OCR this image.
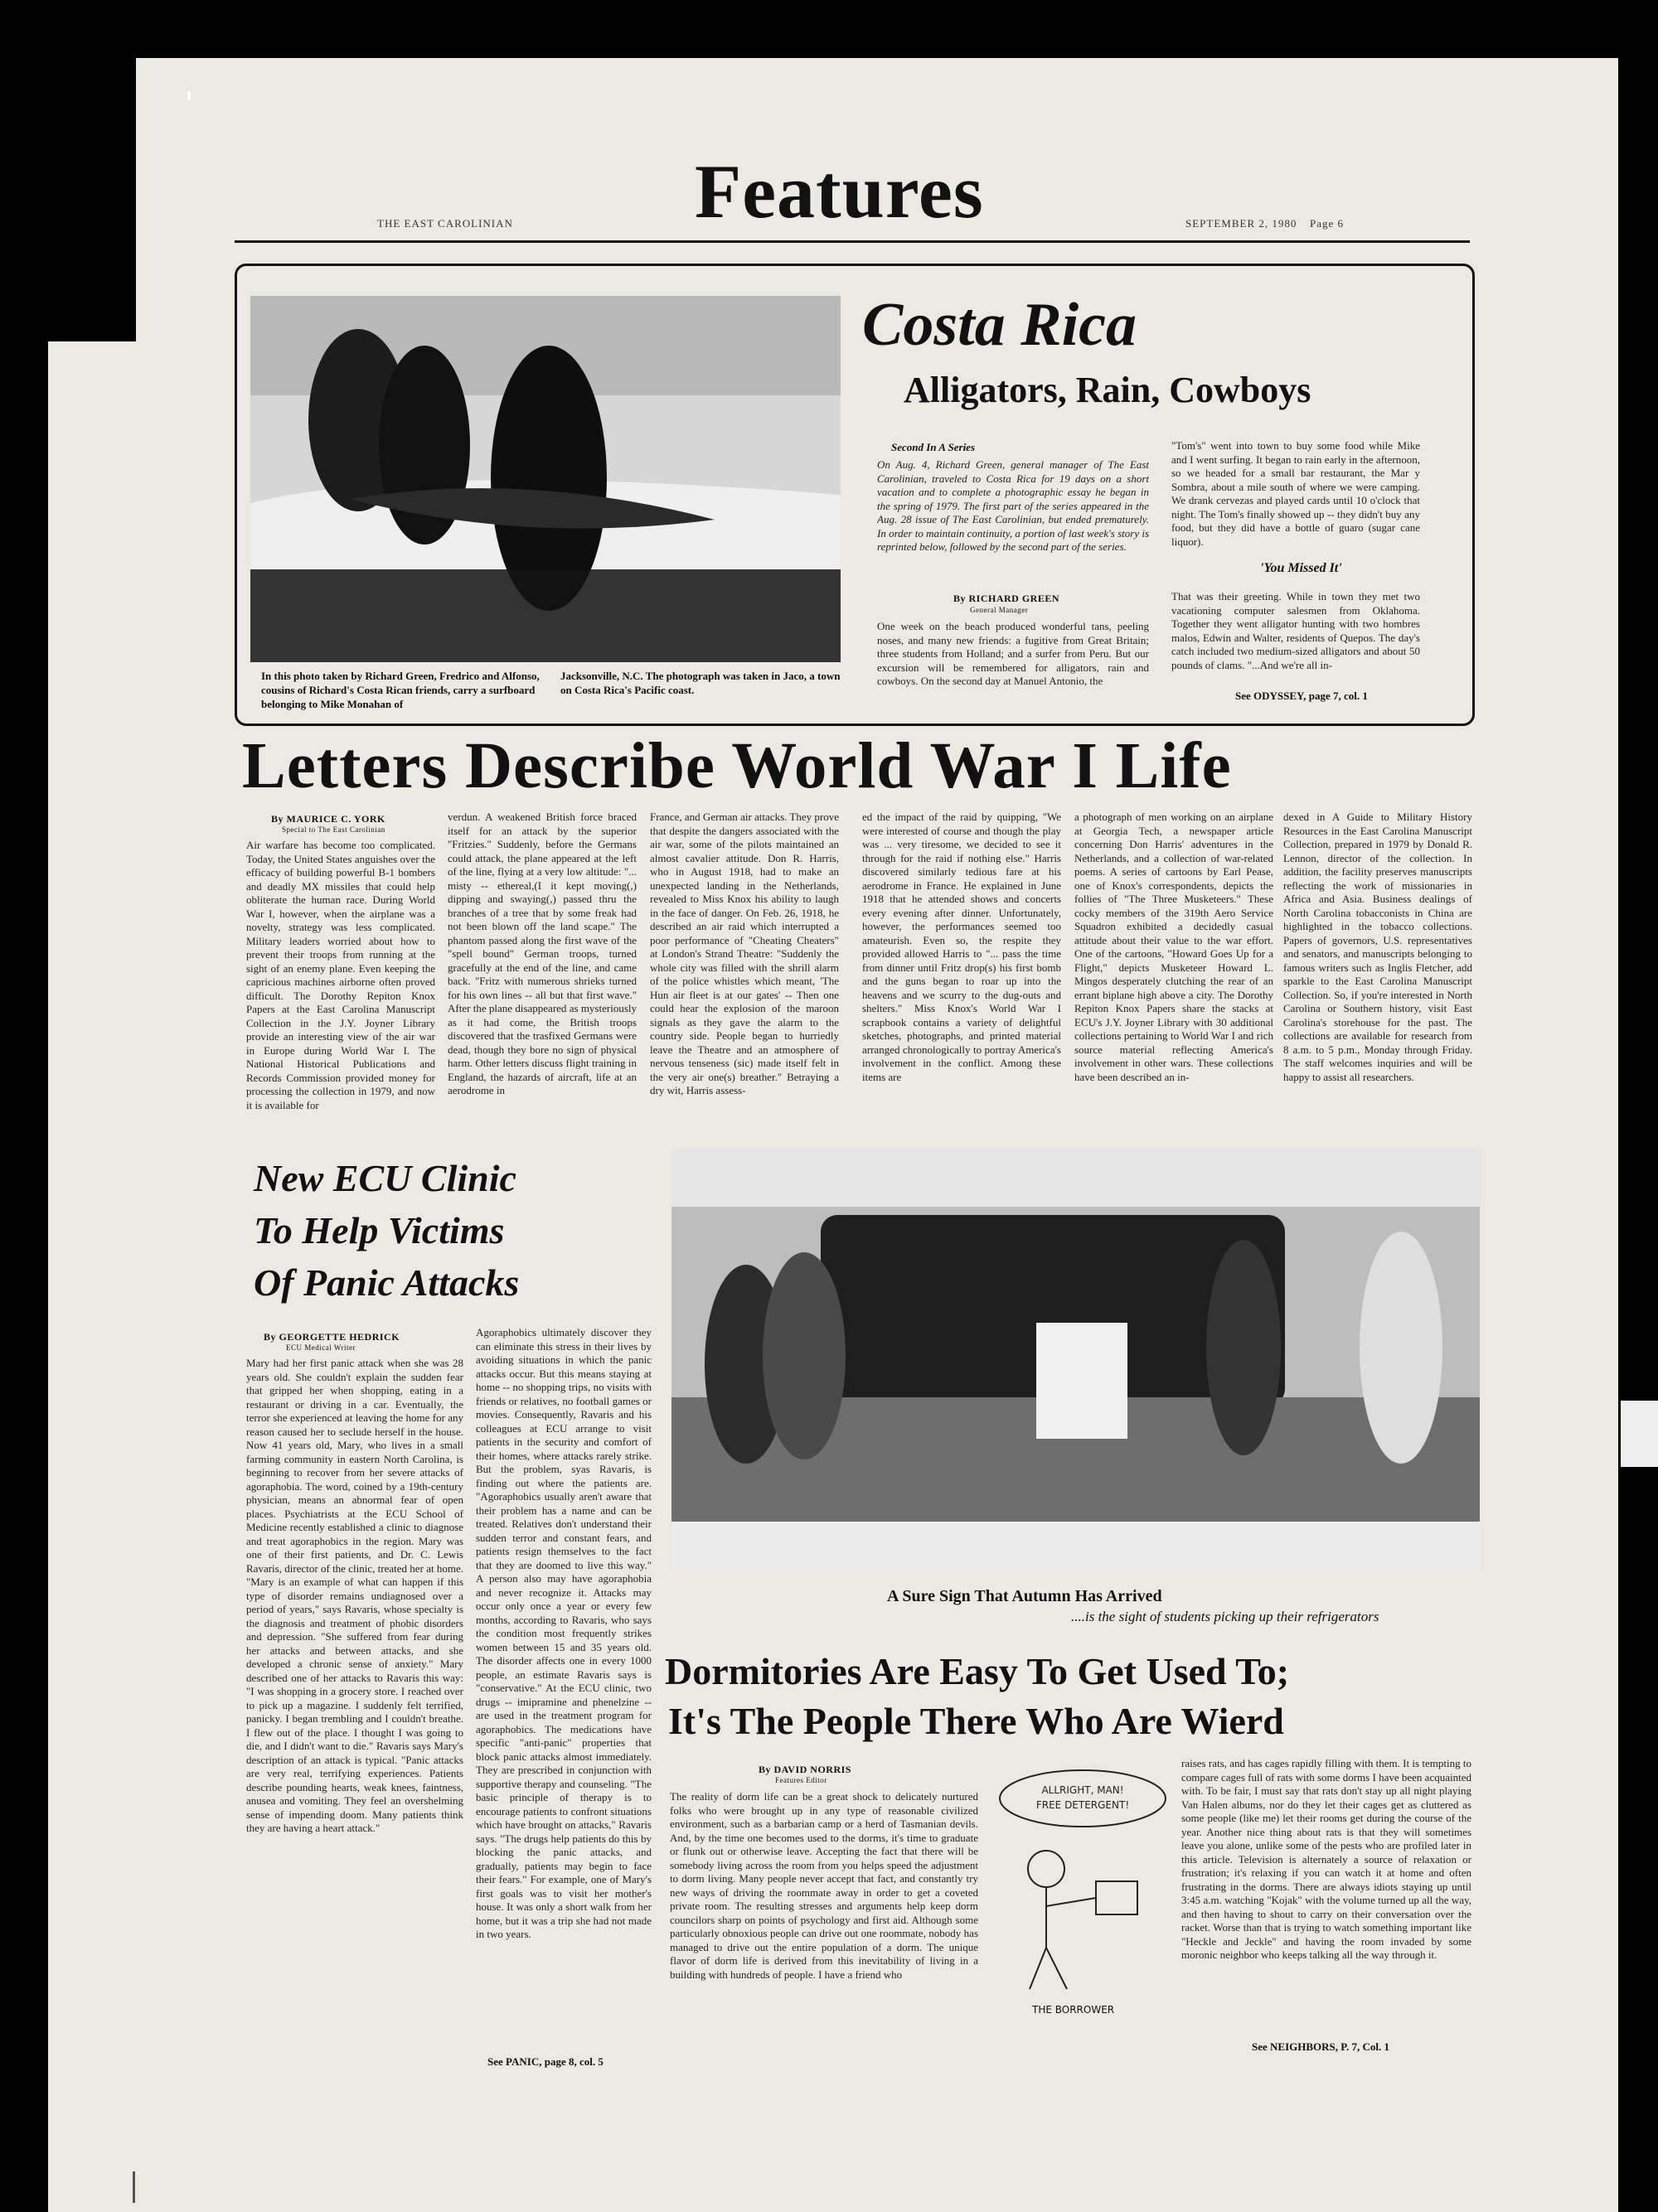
THE EAST CAROLINIAN Features	SEPTEMBER 2, 1980 Page 6
Costa Rica
Alligators, Rain, Cowboys
Second In A Series
On Aug. 4, Richard Green, general manager of The East Carolinian, traveled to Costa Rica for 19 days on a short vacation and to complete a photographic essay he began in the spring of 1979. The first part of the series appeared in the Aug. 28 issue of The East Carolinian, but ended prematurely. In order to maintain continuity, a portion of last week's story is reprinted below, followed by the second part of the series.
By RICHARD GREEN
General Manager
One week on the beach produced wonderful tans, peeling noses, and many new friends: a fugitive from Great Britain; three students from Holland; and a surfer from Peru. But our excursion will be remembered for alligators, rain and cowboys. On the second day at Manuel Antonio, the
"Tom's" went into town to buy some food while Mike and I went surfing. It began to rain early in the afternoon, so we headed for a small bar restaurant, the Mar y Sombra, about a mile south of where we were camping. We drank cervezas and played cards until 10 o'clock that night. The Tom's finally showed up -- they didn't buy any food, but they did have a bottle of guaro (sugar cane liquor).
'You Missed It'
That was their greeting. While in town they met two vacationing computer salesmen from Oklahoma. Together they went alligator hunting with two hombres malos, Edwin and Walter, residents of Quepos. The day's catch included two medium-sized alligators and about 50 pounds of clams. "...And we're all in-
See ODYSSEY, page 7, col. 1
In this photo taken by Richard Green, Fredrico and Alfonso, cousins of Richard's Costa Rican friends, carry a surfboard belonging to Mike Monahan of
Jacksonville, N.C. The photograph was taken in Jaco, a town on Costa Rica's Pacific coast.
Letters Describe World War I Life
By MAURICE C. YORK
Special to The East Carolinian
Air warfare has become too complicated. Today, the United States anguishes over the efficacy of building powerful B-1 bombers and deadly MX missiles that could help obliterate the human race. During World War I, however, when the airplane was a novelty, strategy was less complicated. Military leaders worried about how to prevent their troops from running at the sight of an enemy plane. Even keeping the capricious machines airborne often proved difficult. The Dorothy Repiton Knox Papers at the East Carolina Manuscript Collection in the J.Y. Joyner Library provide an interesting view of the air war in Europe during World War I. The National Historical Publications and Records Commission provided money for processing the collection in 1979, and now it is available for
verdun. A weakened British force braced itself for an attack by the superior "Fritzies." Suddenly, before the Germans could attack, the plane appeared at the left of the line, flying at a very low altitude: "... misty -- ethereal,(I it kept moving(,) dipping and swaying(,) passed thru the branches of a tree that by some freak had not been blown off the land scape." The phantom passed along the first wave of the "spell bound" German troops, turned gracefully at the end of the line, and came back. "Fritz with numerous shrieks turned for his own lines -- all but that first wave." After the plane disappeared as mysteriously as it had come, the British troops discovered that the trasfixed Germans were dead, though they bore no sign of physical harm. Other letters discuss flight training in England, the hazards of aircraft, life at an aerodrome in
France, and German air attacks. They prove that despite the dangers associated with the air war, some of the pilots maintained an almost cavalier attitude. Don R. Harris, who in August 1918, had to make an unexpected landing in the Netherlands, revealed to Miss Knox his ability to laugh in the face of danger. On Feb. 26, 1918, he described an air raid which interrupted a poor performance of "Cheating Cheaters" at London's Strand Theatre: "Suddenly the whole city was filled with the shrill alarm of the police whistles which meant, 'The Hun air fleet is at our gates' -- Then one could hear the explosion of the maroon signals as they gave the alarm to the country side. People began to hurriedly leave the Theatre and an atmosphere of nervous tenseness (sic) made itself felt in the very air one(s) breather." Betraying a dry wit, Harris assess-
ed the impact of the raid by quipping, "We were interested of course and though the play was ... very tiresome, we decided to see it through for the raid if nothing else." Harris discovered similarly tedious fare at his aerodrome in France. He explained in June 1918 that he attended shows and concerts every evening after dinner. Unfortunately, however, the performances seemed too amateurish. Even so, the respite they provided allowed Harris to "... pass the time from dinner until Fritz drop(s) his first bomb and the guns began to roar up into the heavens and we scurry to the dug-outs and shelters." Miss Knox's World War I scrapbook contains a variety of delightful sketches, photographs, and printed material arranged chronologically to portray America's involvement in the conflict. Among these items are
a photograph of men working on an airplane at Georgia Tech, a newspaper article concerning Don Harris' adventures in the Netherlands, and a collection of war-related poems. A series of cartoons by Earl Pease, one of Knox's correspondents, depicts the follies of "The Three Musketeers." These cocky members of the 319th Aero Service Squadron exhibited a decidedly casual attitude about their value to the war effort. One of the cartoons, "Howard Goes Up for a Flight," depicts Musketeer Howard L. Mingos desperately clutching the rear of an errant biplane high above a city. The Dorothy Repiton Knox Papers share the stacks at ECU's J.Y. Joyner Library with 30 additional collections pertaining to World War I and rich source material reflecting America's involvement in other wars. These collections have been described an in-
dexed in A Guide to Military History Resources in the East Carolina Manuscript Collection, prepared in 1979 by Donald R. Lennon, director of the collection. In addition, the facility preserves manuscripts reflecting the work of missionaries in Africa and Asia. Business dealings of North Carolina tobacconists in China are highlighted in the tobacco collections. Papers of governors, U.S. representatives and senators, and manuscripts belonging to famous writers such as Inglis Fletcher, add sparkle to the East Carolina Manuscript Collection. So, if you're interested in North Carolina or Southern history, visit East Carolina's storehouse for the past. The collections are available for research from 8 a.m. to 5 p.m., Monday through Friday. The staff welcomes inquiries and will be happy to assist all researchers.
New ECU Clinic
To Help Victims
Of Panic Attacks
By GEORGETTE HEDRICK
ECU Medical Writer
Mary had her first panic attack when she was 28 years old. She couldn't explain the sudden fear that gripped her when shopping, eating in a restaurant or driving in a car. Eventually, the terror she experienced at leaving the home for any reason caused her to seclude herself in the house. Now 41 years old, Mary, who lives in a small farming community in eastern North Carolina, is beginning to recover from her severe attacks of agoraphobia. The word, coined by a 19th-century physician, means an abnormal fear of open places. Psychiatrists at the ECU School of Medicine recently established a clinic to diagnose and treat agoraphobics in the region. Mary was one of their first patients, and Dr. C. Lewis Ravaris, director of the clinic, treated her at home. "Mary is an example of what can happen if this type of disorder remains undiagnosed over a period of years," says Ravaris, whose specialty is the diagnosis and treatment of phobic disorders and depression. "She suffered from fear during her attacks and between attacks, and she developed a chronic sense of anxiety." Mary described one of her attacks to Ravaris this way: "I was shopping in a grocery store. I reached over to pick up a magazine. I suddenly felt terrified, panicky. I began trembling and I couldn't breathe. I flew out of the place. I thought I was going to die, and I didn't want to die." Ravaris says Mary's description of an attack is typical. "Panic attacks are very real, terrifying experiences. Patients describe pounding hearts, weak knees, faintness, anusea and vomiting. They feel an overshelming sense of impending doom. Many patients think they are having a heart attack."
Agoraphobics ultimately discover they can eliminate this stress in their lives by avoiding situations in which the panic attacks occur. But this means staying at home -- no shopping trips, no visits with friends or relatives, no football games or movies. Consequently, Ravaris and his colleagues at ECU arrange to visit patients in the security and comfort of their homes, where attacks rarely strike. But the problem, syas Ravaris, is finding out where the patients are. "Agoraphobics usually aren't aware that their problem has a name and can be treated. Relatives don't understand their sudden terror and constant fears, and patients resign themselves to the fact that they are doomed to live this way." A person also may have agoraphobia and never recognize it. Attacks may occur only once a year or every few months, according to Ravaris, who says the condition most frequently strikes women between 15 and 35 years old. The disorder affects one in every 1000 people, an estimate Ravaris says is "conservative." At the ECU clinic, two drugs -- imipramine and phenelzine -- are used in the treatment program for agoraphobics. The medications have specific "anti-panic" properties that block panic attacks almost immediately. They are prescribed in conjunction with supportive therapy and counseling. "The basic principle of therapy is to encourage patients to confront situations which have brought on attacks," Ravaris says. "The drugs help patients do this by blocking the panic attacks, and gradually, patients may begin to face their fears." For example, one of Mary's first goals was to visit her mother's house. It was only a short walk from her home, but it was a trip she had not made in two years.
See PANIC, page 8, col. 5
A Sure Sign That Autumn Has Arrived
....is the sight of students picking up their refrigerators
Dormitories Are Easy To Get Used To;
It's The People There Who Are Wierd
By DAVID NORRIS
Features Editor
The reality of dorm life can be a great shock to delicately nurtured folks who were brought up in any type of reasonable civilized environment, such as a barbarian camp or a herd of Tasmanian devils. And, by the time one becomes used to the dorms, it's time to graduate or flunk out or otherwise leave. Accepting the fact that there will be somebody living across the room from you helps speed the adjustment to dorm living. Many people never accept that fact, and constantly try new ways of driving the roommate away in order to get a coveted private room. The resulting stresses and arguments help keep dorm councilors sharp on points of psychology and first aid. Although some particularly obnoxious people can drive out one roommate, nobody has managed to drive out the entire population of a dorm. The unique flavor of dorm life is derived from this inevitability of living in a building with hundreds of people. I have a friend who
ALLRIGHT, MAN!
FREE DETERGENT!
THE BORROWER
raises rats, and has cages rapidly filling with them. It is tempting to compare cages full of rats with some dorms I have been acquainted with. To be fair, I must say that rats don't stay up all night playing Van Halen albums, nor do they let their cages get as cluttered as some people (like me) let their rooms get during the course of the year. Another nice thing about rats is that they will sometimes leave you alone, unlike some of the pests who are profiled later in this article. Television is alternately a source of relaxation or frustration; it's relaxing if you can watch it at home and often frustrating in the dorms. There are always idiots staying up until 3:45 a.m. watching "Kojak" with the volume turned up all the way, and then having to shout to carry on their conversation over the racket. Worse than that is trying to watch something important like "Heckle and Jeckle" and having the room invaded by some moronic neighbor who keeps talking all the way through it.
See NEIGHBORS, P. 7, Col. 1
